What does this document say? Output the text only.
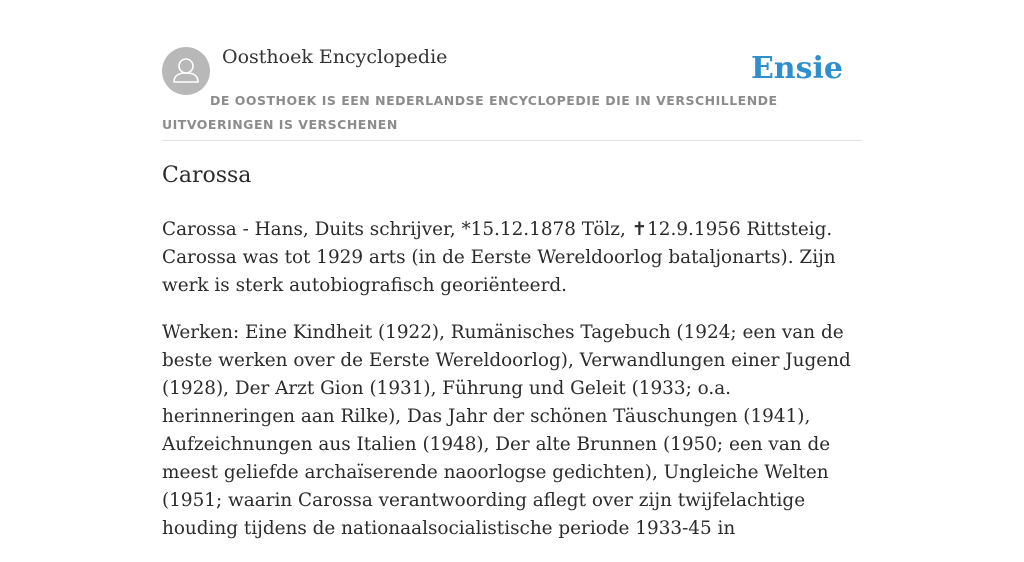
Oosthoek Encyclopedie	Ensie
DE OOSTHOEK IS EEN NEDERLANDSE ENCYCLOPEDIE DIE IN VERSCHILLENDE UITVOERINGEN IS VERSCHENEN
Carossa

Carossa - Hans, Duits schrijver, *15.12.1878 Tölz, ✝12.9.1956 Rittsteig. Carossa was tot 1929 arts (in de Eerste Wereldoorlog bataljonarts). Zijn werk is sterk autobiografisch georiënteerd.

Werken: Eine Kindheit (1922), Rumänisches Tagebuch (1924; een van de beste werken over de Eerste Wereldoorlog), Verwandlungen einer Jugend (1928), Der Arzt Gion (1931), Führung und Geleit (1933; o.a. herinneringen aan Rilke), Das Jahr der schönen Täuschungen (1941), Aufzeichnungen aus Italien (1948), Der alte Brunnen (1950; een van de meest geliefde archaïserende naoorlogse gedichten), Ungleiche Welten (1951; waarin Carossa verantwoording aflegt over zijn twijfelachtige houding tijdens de nationaalsocialistische periode 1933-45 in
